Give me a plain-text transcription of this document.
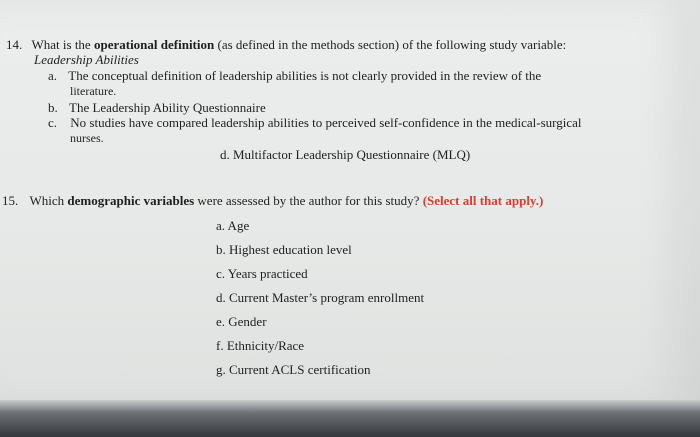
14. What is the operational definition (as defined in the methods section) of the following study variable:
Leadership Abilities
a. The conceptual definition of leadership abilities is not clearly provided in the review of the
literature.
b. The Leadership Ability Questionnaire
c. No studies have compared leadership abilities to perceived self-confidence in the medical-surgical
nurses.
d. Multifactor Leadership Questionnaire (MLQ)
15. Which demographic variables were assessed by the author for this study? (Select all that apply.)
a. Age
b. Highest education level
c. Years practiced
d. Current Master’s program enrollment
e. Gender
f. Ethnicity/Race
g. Current ACLS certification
